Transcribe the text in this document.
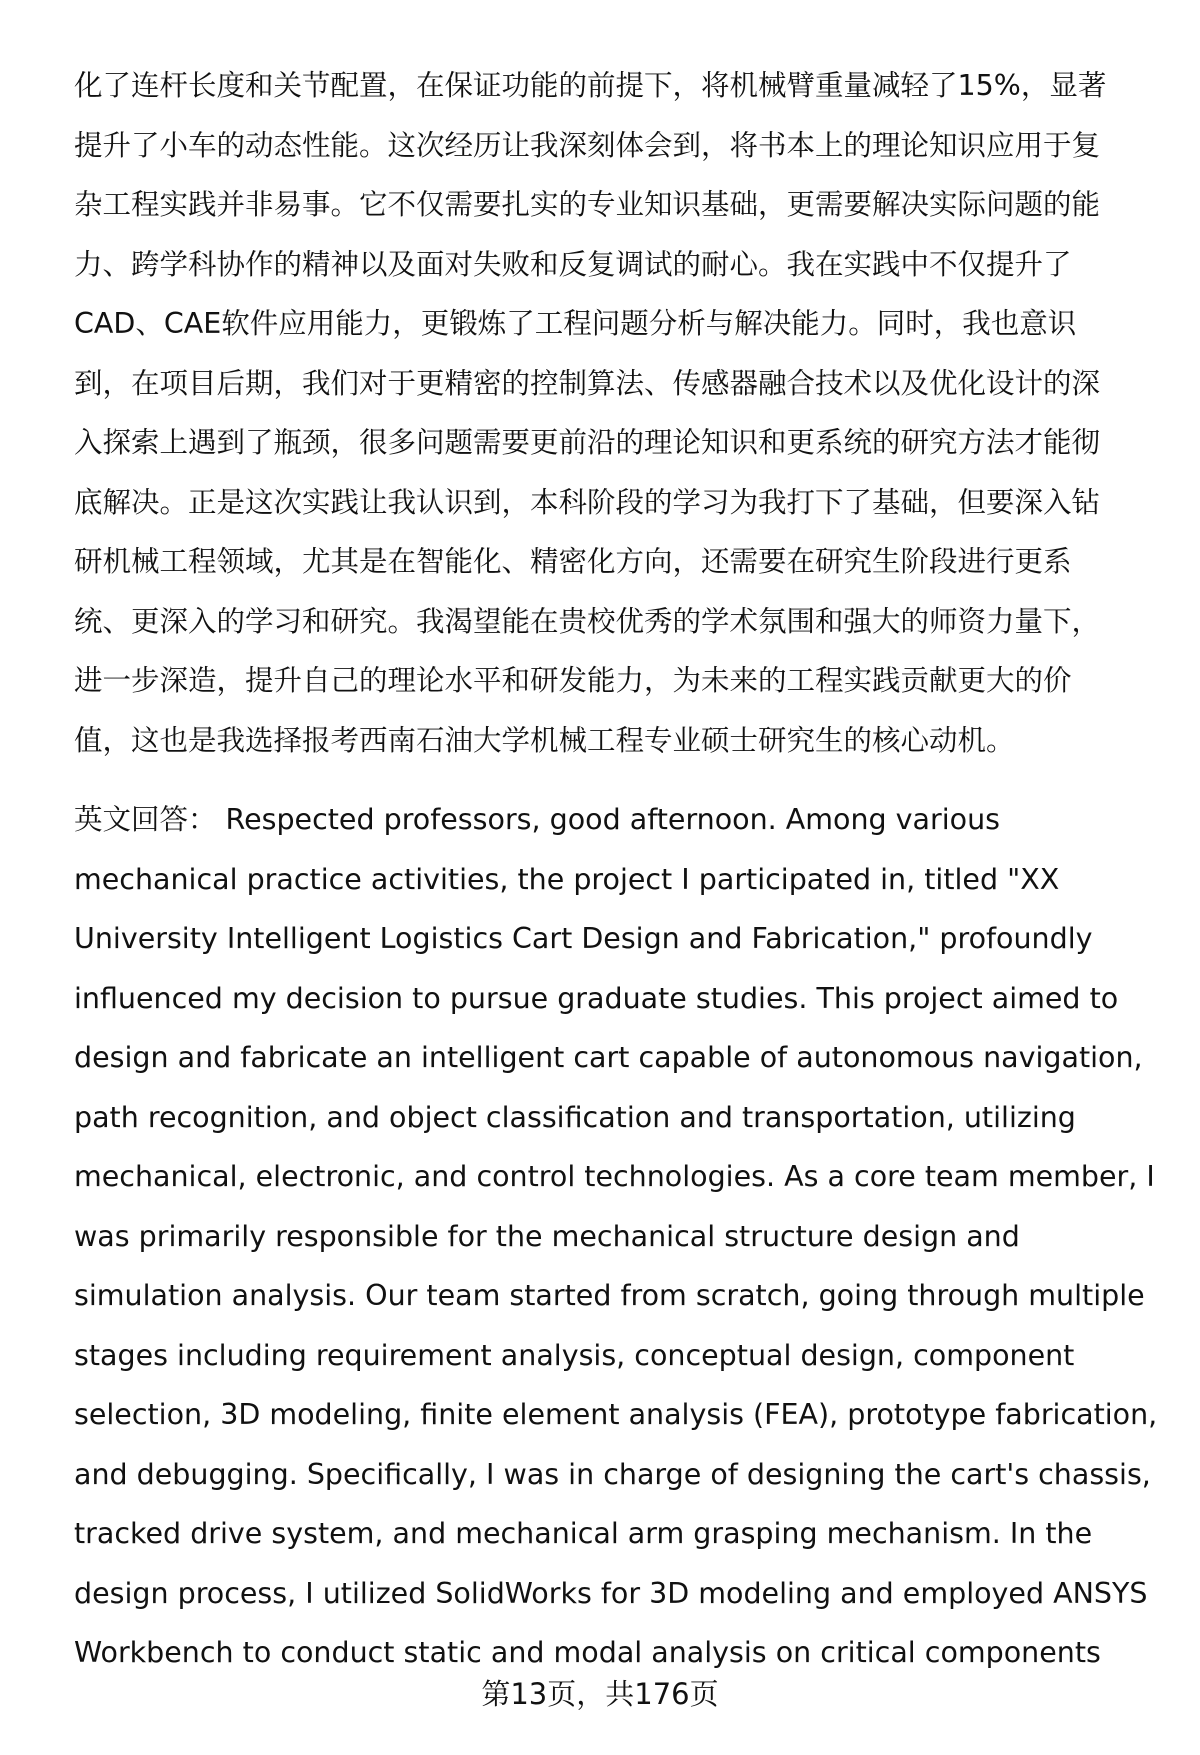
化了连杆长度和关节配置，在保证功能的前提下，将机械臂重量减轻了15%，显著
提升了小车的动态性能。这次经历让我深刻体会到，将书本上的理论知识应用于复
杂工程实践并非易事。它不仅需要扎实的专业知识基础，更需要解决实际问题的能
力、跨学科协作的精神以及面对失败和反复调试的耐心。我在实践中不仅提升了
CAD、CAE软件应用能力，更锻炼了工程问题分析与解决能力。同时，我也意识
到，在项目后期，我们对于更精密的控制算法、传感器融合技术以及优化设计的深
入探索上遇到了瓶颈，很多问题需要更前沿的理论知识和更系统的研究方法才能彻
底解决。正是这次实践让我认识到，本科阶段的学习为我打下了基础，但要深入钻
研机械工程领域，尤其是在智能化、精密化方向，还需要在研究生阶段进行更系
统、更深入的学习和研究。我渴望能在贵校优秀的学术氛围和强大的师资力量下，
进一步深造，提升自己的理论水平和研发能力，为未来的工程实践贡献更大的价
值，这也是我选择报考西南石油大学机械工程专业硕士研究生的核心动机。
英文回答： Respected professors, good afternoon. Among various
mechanical practice activities, the project I participated in, titled "XX
University Intelligent Logistics Cart Design and Fabrication," profoundly
influenced my decision to pursue graduate studies. This project aimed to
design and fabricate an intelligent cart capable of autonomous navigation,
path recognition, and object classification and transportation, utilizing
mechanical, electronic, and control technologies. As a core team member, I
was primarily responsible for the mechanical structure design and
simulation analysis. Our team started from scratch, going through multiple
stages including requirement analysis, conceptual design, component
selection, 3D modeling, finite element analysis (FEA), prototype fabrication,
and debugging. Specifically, I was in charge of designing the cart's chassis,
tracked drive system, and mechanical arm grasping mechanism. In the
design process, I utilized SolidWorks for 3D modeling and employed ANSYS
Workbench to conduct static and modal analysis on critical components
第13页，共176页
